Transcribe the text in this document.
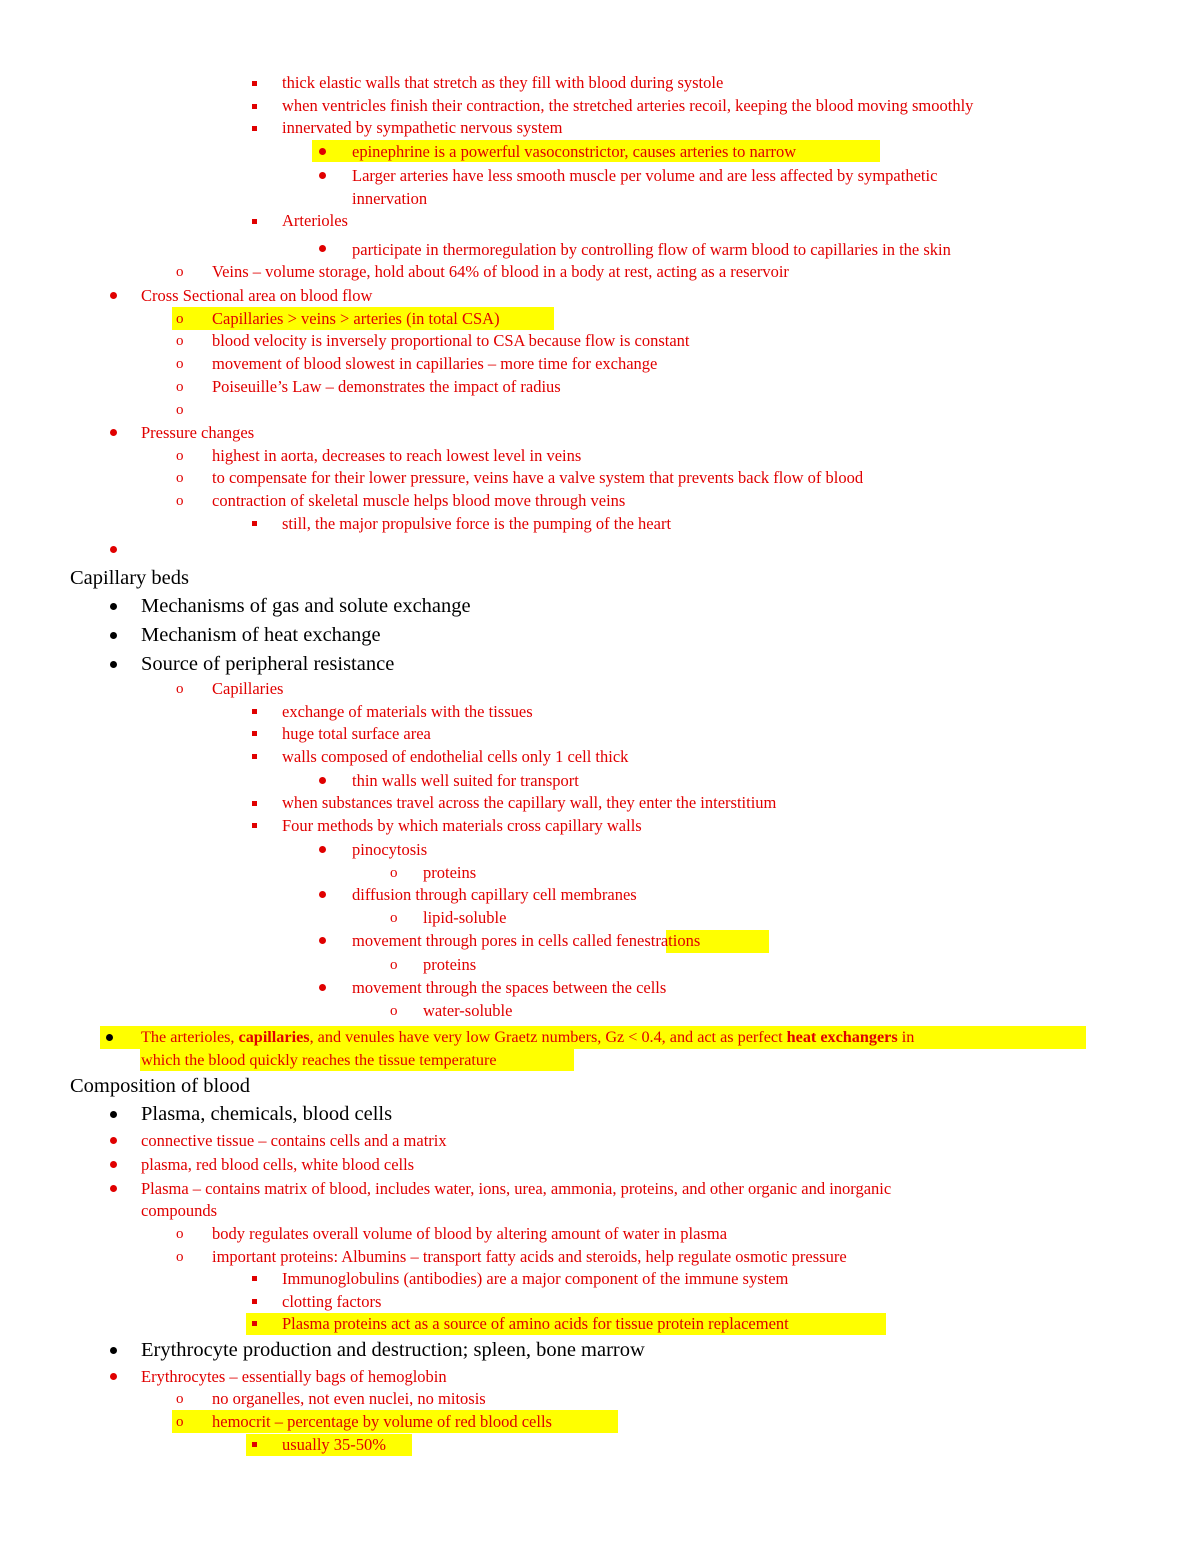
thick elastic walls that stretch as they fill with blood during systole
when ventricles finish their contraction, the stretched arteries recoil, keeping the blood moving smoothly
innervated by sympathetic nervous system
epinephrine is a powerful vasoconstrictor, causes arteries to narrow
Larger arteries have less smooth muscle per volume and are less affected by sympathetic
innervation
Arterioles
participate in thermoregulation by controlling flow of warm blood to capillaries in the skin
o Veins – volume storage, hold about 64% of blood in a body at rest, acting as a reservoir
Cross Sectional area on blood flow
o Capillaries > veins > arteries (in total CSA)
o blood velocity is inversely proportional to CSA because flow is constant
o movement of blood slowest in capillaries – more time for exchange
o Poiseuille’s Law – demonstrates the impact of radius
o
Pressure changes
o highest in aorta, decreases to reach lowest level in veins
o to compensate for their lower pressure, veins have a valve system that prevents back flow of blood
o contraction of skeletal muscle helps blood move through veins
still, the major propulsive force is the pumping of the heart
Capillary beds
Mechanisms of gas and solute exchange
Mechanism of heat exchange
Source of peripheral resistance
o Capillaries
exchange of materials with the tissues
huge total surface area
walls composed of endothelial cells only 1 cell thick
thin walls well suited for transport
when substances travel across the capillary wall, they enter the interstitium
Four methods by which materials cross capillary walls
pinocytosis
o proteins
diffusion through capillary cell membranes
o lipid-soluble
movement through pores in cells called fenestrations
o proteins
movement through the spaces between the cells
o water-soluble
The arterioles, capillaries, and venules have very low Graetz numbers, Gz < 0.4, and act as perfect heat exchangers in
which the blood quickly reaches the tissue temperature
Composition of blood
Plasma, chemicals, blood cells
connective tissue – contains cells and a matrix
plasma, red blood cells, white blood cells
Plasma – contains matrix of blood, includes water, ions, urea, ammonia, proteins, and other organic and inorganic
compounds
o body regulates overall volume of blood by altering amount of water in plasma
o important proteins: Albumins – transport fatty acids and steroids, help regulate osmotic pressure
Immunoglobulins (antibodies) are a major component of the immune system
clotting factors
Plasma proteins act as a source of amino acids for tissue protein replacement
Erythrocyte production and destruction; spleen, bone marrow
Erythrocytes – essentially bags of hemoglobin
o no organelles, not even nuclei, no mitosis
o hemocrit – percentage by volume of red blood cells
usually 35-50%
